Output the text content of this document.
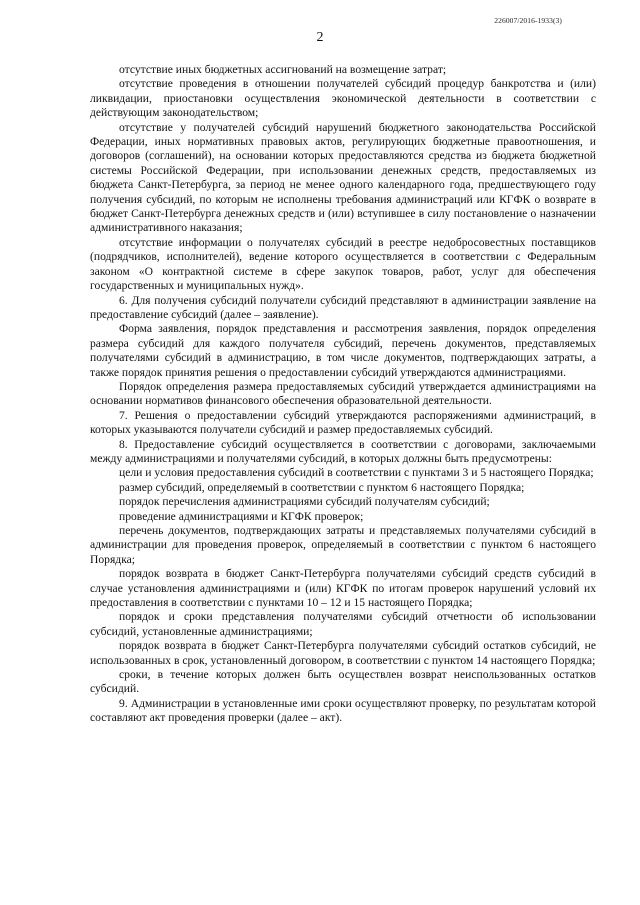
226007/2016-1933(3)
2

отсутствие иных бюджетных ассигнований на возмещение затрат;

отсутствие проведения в отношении получателей субсидий процедур банкротства и (или) ликвидации, приостановки осуществления экономической деятельности в соответствии с действующим законодательством;

отсутствие у получателей субсидий нарушений бюджетного законодательства Российской Федерации, иных нормативных правовых актов, регулирующих бюджетные правоотношения, и договоров (соглашений), на основании которых предоставляются средства из бюджета бюджетной системы Российской Федерации, при использовании денежных средств, предоставляемых из бюджета Санкт-Петербурга, за период не менее одного календарного года, предшествующего году получения субсидий, по которым не исполнены требования администраций или КГФК о возврате в бюджет Санкт-Петербурга денежных средств и (или) вступившее в силу постановление о назначении административного наказания;

отсутствие информации о получателях субсидий в реестре недобросовестных поставщиков (подрядчиков, исполнителей), ведение которого осуществляется в соответствии с Федеральным законом «О контрактной системе в сфере закупок товаров, работ, услуг для обеспечения государственных и муниципальных нужд».

6. Для получения субсидий получатели субсидий представляют в администрации заявление на предоставление субсидий (далее – заявление).

Форма заявления, порядок представления и рассмотрения заявления, порядок определения размера субсидий для каждого получателя субсидий, перечень документов, представляемых получателями субсидий в администрацию, в том числе документов, подтверждающих затраты, а также порядок принятия решения о предоставлении субсидий утверждаются администрациями.

Порядок определения размера предоставляемых субсидий утверждается администрациями на основании нормативов финансового обеспечения образовательной деятельности.

7. Решения о предоставлении субсидий утверждаются распоряжениями администраций, в которых указываются получатели субсидий и размер предоставляемых субсидий.

8. Предоставление субсидий осуществляется в соответствии с договорами, заключаемыми между администрациями и получателями субсидий, в которых должны быть предусмотрены:

цели и условия предоставления субсидий в соответствии с пунктами 3 и 5 настоящего Порядка;

размер субсидий, определяемый в соответствии с пунктом 6 настоящего Порядка;

порядок перечисления администрациями субсидий получателям субсидий;

проведение администрациями и КГФК проверок;

перечень документов, подтверждающих затраты и представляемых получателями субсидий в администрации для проведения проверок, определяемый в соответствии с пунктом 6 настоящего Порядка;

порядок возврата в бюджет Санкт-Петербурга получателями субсидий средств субсидий в случае установления администрациями и (или) КГФК по итогам проверок нарушений условий их предоставления в соответствии с пунктами 10 – 12 и 15 настоящего Порядка;

порядок и сроки представления получателями субсидий отчетности об использовании субсидий, установленные администрациями;

порядок возврата в бюджет Санкт-Петербурга получателями субсидий остатков субсидий, не использованных в срок, установленный договором, в соответствии с пунктом 14 настоящего Порядка;

сроки, в течение которых должен быть осуществлен возврат неиспользованных остатков субсидий.

9. Администрации в установленные ими сроки осуществляют проверку, по результатам которой составляют акт проведения проверки (далее – акт).
